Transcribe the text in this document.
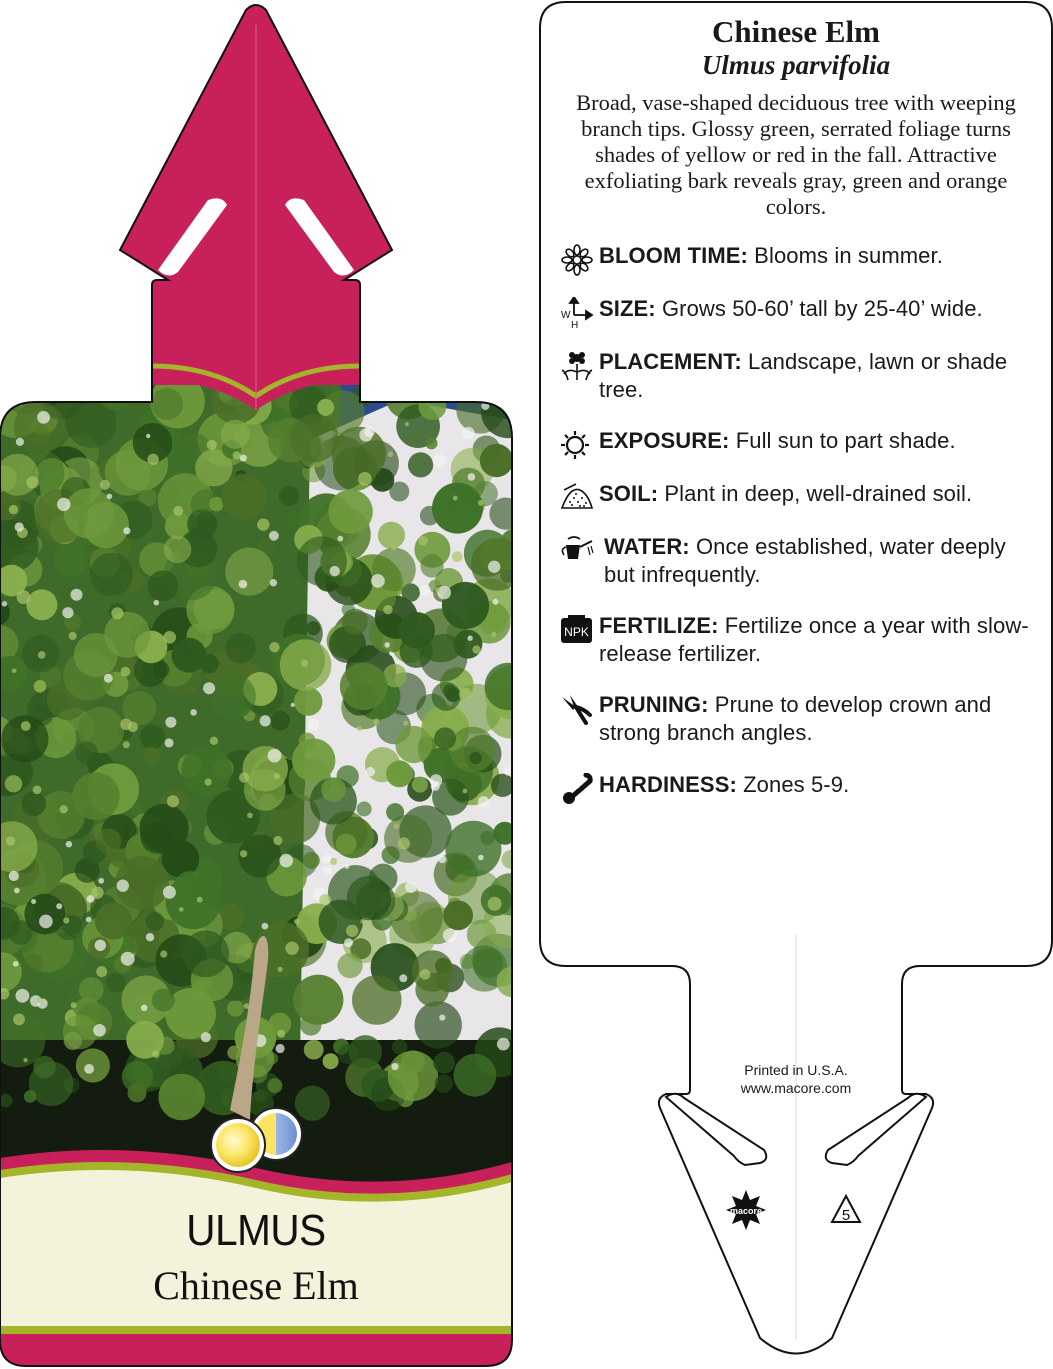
macore	5
ULMUS
Chinese Elm
Chinese Elm
Ulmus parvifolia

Broad, vase-shaped deciduous tree with weeping branch tips. Glossy green, serrated foliage turns shades of yellow or red in the fall. Attractive exfoliating bark reveals gray, green and orange colors.

BLOOM TIME: Blooms in summer.
W
H
SIZE: Grows 50-60’ tall by 25-40’ wide.
PLACEMENT: Landscape, lawn or shade tree.
EXPOSURE: Full sun to part shade.
SOIL: Plant in deep, well-drained soil.
WATER: Once established, water deeply but infrequently.
NPK FERTILIZE: Fertilize once a year with slow-release fertilizer.
PRUNING: Prune to develop crown and strong branch angles.
HARDINESS: Zones 5-9.
Printed in U.S.A.
www.macore.com
